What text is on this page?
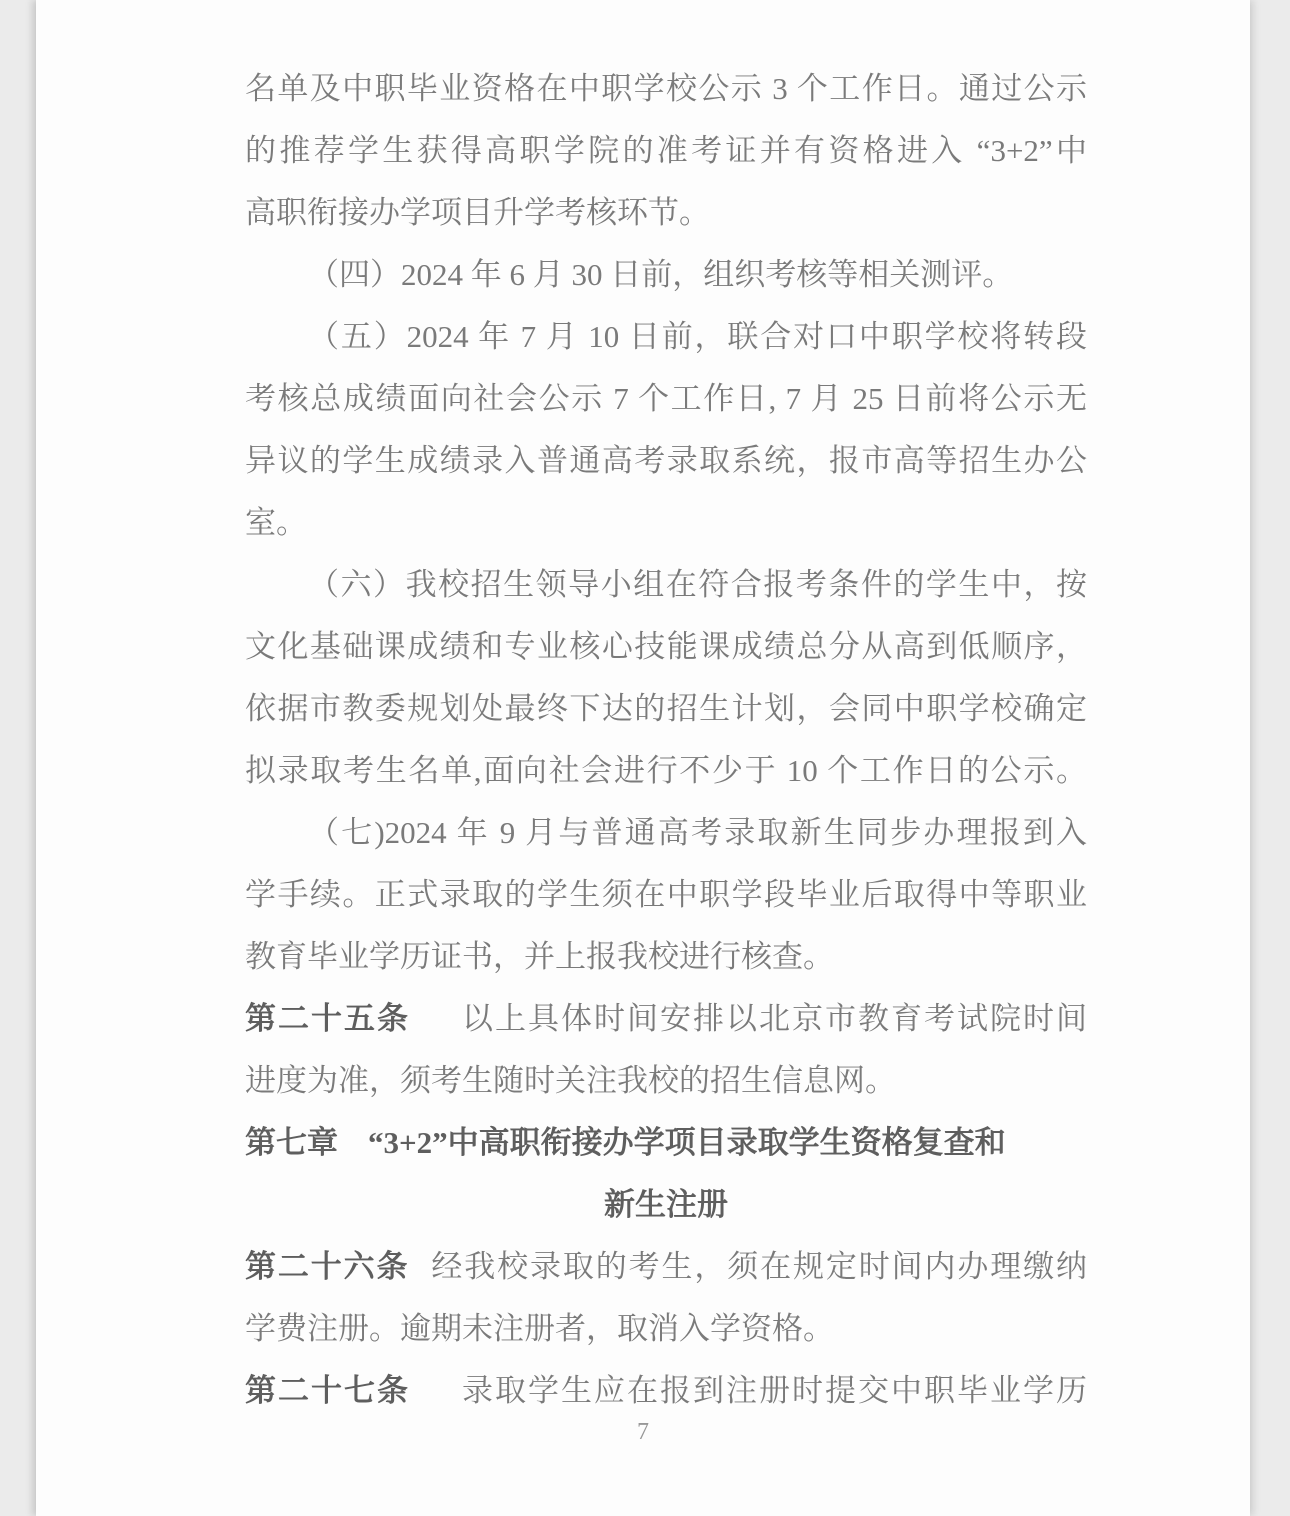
7
名单及中职毕业资格在中职学校公示 3 个工作日。通过公示
的推荐学生获得高职学院的准考证并有资格进入 “3+2”中
高职衔接办学项目升学考核环节。
（四）2024 年 6 月 30 日前，组织考核等相关测评。
（五）2024 年 7 月 10 日前，联合对口中职学校将转段
考核总成绩面向社会公示 7 个工作日, 7 月 25 日前将公示无
异议的学生成绩录入普通高考录取系统，报市高等招生办公
室。
（六）我校招生领导小组在符合报考条件的学生中，按
文化基础课成绩和专业核心技能课成绩总分从高到低顺序，
依据市教委规划处最终下达的招生计划，会同中职学校确定
拟录取考生名单,面向社会进行不少于 10 个工作日的公示。
（七)2024 年 9 月与普通高考录取新生同步办理报到入
学手续。正式录取的学生须在中职学段毕业后取得中等职业
教育毕业学历证书，并上报我校进行核查。
第二十五条 以上具体时间安排以北京市教育考试院时间
进度为准，须考生随时关注我校的招生信息网。
第七章 “3+2”中高职衔接办学项目录取学生资格复查和
新生注册
第二十六条 经我校录取的考生，须在规定时间内办理缴纳
学费注册。逾期未注册者，取消入学资格。
第二十七条 录取学生应在报到注册时提交中职毕业学历
